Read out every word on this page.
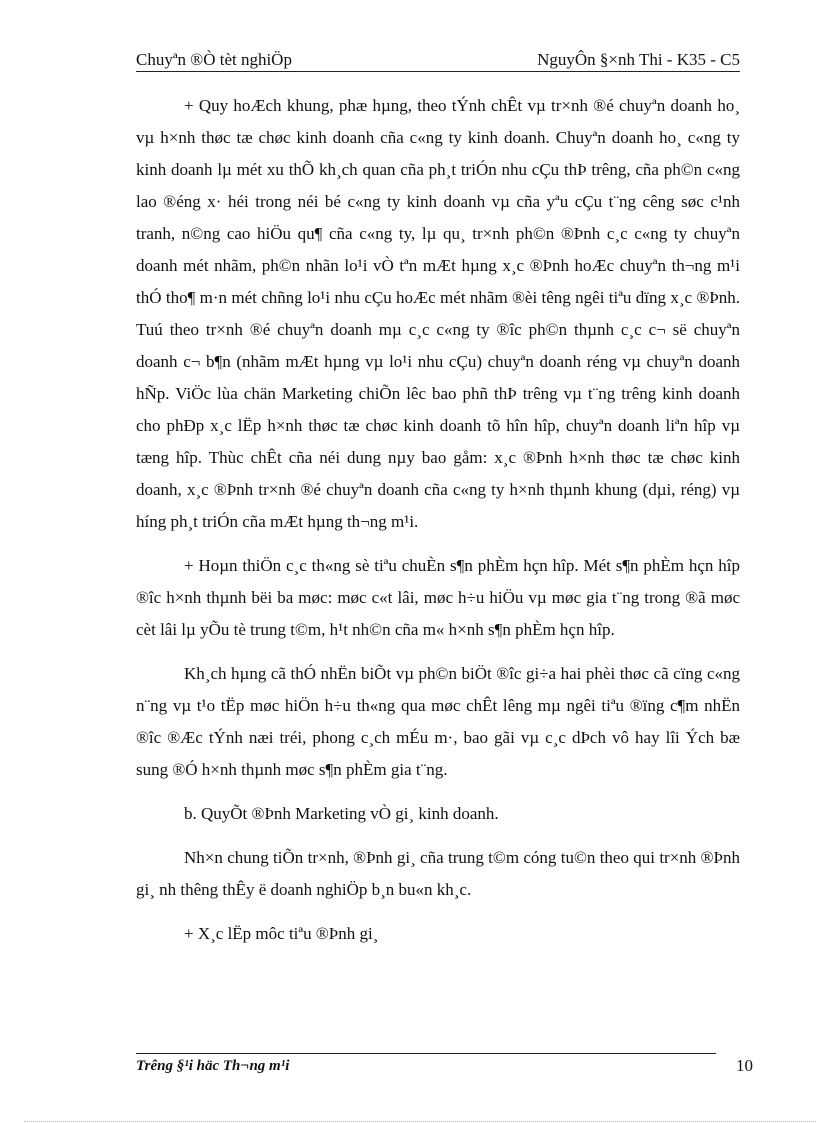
Chuyªn ®Ò tèt nghiÖp	NguyÔn §×nh Thi - K35 - C5

+ Quy hoÆch khung, phæ hµng, theo tÝnh chÊt vµ tr×nh ®é chuyªn doanh ho¸ vµ h×nh thøc tæ chøc kinh doanh cña c«ng ty kinh doanh. Chuyªn doanh ho¸ c«ng ty kinh doanh lµ mét xu thÕ kh¸ch quan cña ph¸t triÓn nhu cÇu thÞ trêng, cña ph©n c«ng lao ®éng x· héi trong néi bé c«ng ty kinh doanh vµ cña yªu cÇu t¨ng cêng søc c¹nh tranh, n©ng cao hiÖu qu¶ cña c«ng ty, lµ qu¸ tr×nh ph©n ®Þnh c¸c c«ng ty chuyªn doanh mét nhãm, ph©n nhãn lo¹i vÒ tªn mÆt hµng x¸c ®Þnh hoÆc chuyªn th¬ng m¹i thÓ tho¶ m·n mét chñng lo¹i nhu cÇu hoÆc mét nhãm ®èi têng ngêi tiªu dïng x¸c ®Þnh. Tuú theo tr×nh ®é chuyªn doanh mµ c¸c c«ng ty ®îc ph©n thµnh c¸c c¬ së chuyªn doanh c¬ b¶n (nhãm mÆt hµng vµ lo¹i nhu cÇu) chuyªn doanh réng vµ chuyªn doanh hÑp. ViÖc lùa chän Marketing chiÕn lêc bao phñ thÞ trêng vµ t¨ng trêng kinh doanh cho phÐp x¸c lËp h×nh thøc tæ chøc kinh doanh tõ hîn hîp, chuyªn doanh liªn hîp vµ tæng hîp. Thùc chÊt cña néi dung nµy bao gåm: x¸c ®Þnh h×nh thøc tæ chøc kinh doanh, x¸c ®Þnh tr×nh ®é chuyªn doanh cña c«ng ty h×nh thµnh khung (dµi, réng) vµ híng ph¸t triÓn cña mÆt hµng th¬ng m¹i.

+ Hoµn thiÖn c¸c th«ng sè tiªu chuÈn s¶n phÈm hçn hîp. Mét s¶n phÈm hçn hîp ®îc h×nh thµnh bëi ba møc: møc c«t lâi, møc h÷u hiÖu vµ møc gia t¨ng trong ®ã møc cèt lâi lµ yÕu tè trung t©m, h¹t nh©n cña m« h×nh s¶n phÈm hçn hîp.

Kh¸ch hµng cã thÓ nhËn biÕt vµ ph©n biÖt ®îc gi÷a hai phèi thøc cã cïng c«ng n¨ng vµ t¹o tËp møc hiÖn h÷u th«ng qua møc chÊt lêng mµ ngêi tiªu ®ïng c¶m nhËn ®îc ®Æc tÝnh næi tréi, phong c¸ch mÉu m·, bao gãi vµ c¸c dÞch vô hay lîi Ých bæ sung ®Ó h×nh thµnh møc s¶n phÈm gia t¨ng.

b. QuyÕt ®Þnh Marketing vÒ gi¸ kinh doanh.

Nh×n chung tiÕn tr×nh, ®Þnh gi¸ cña trung t©m cóng tu©n theo qui tr×nh ®Þnh gi¸ nh thêng thÊy ë doanh nghiÖp b¸n bu«n kh¸c.

+ X¸c lËp môc tiªu ®Þnh gi¸

Trêng §¹i häc Th¬ng m¹i	10
